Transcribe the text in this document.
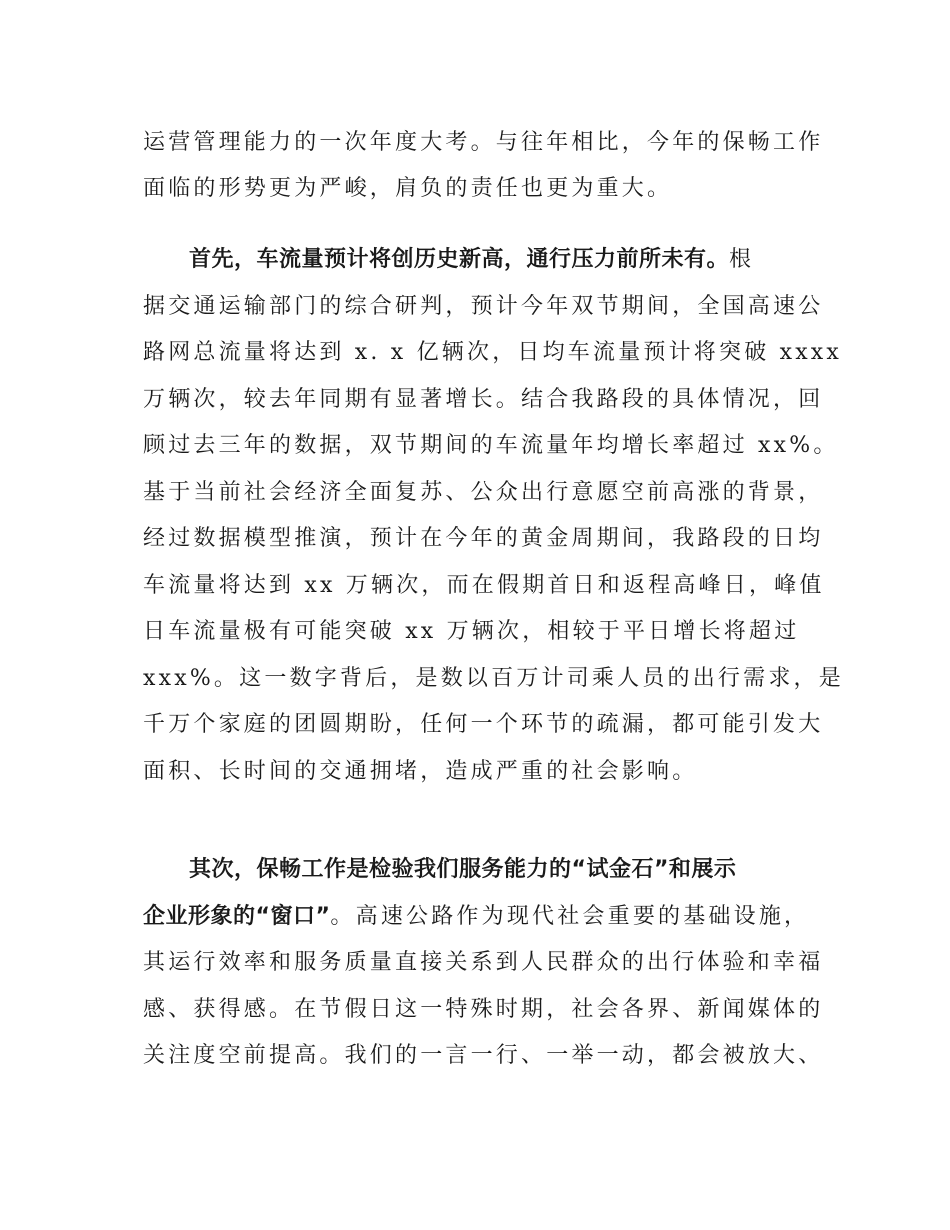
运营管理能力的一次年度大考。与往年相比，今年的保畅工作
面临的形势更为严峻，肩负的责任也更为重大。
首先，车流量预计将创历史新高，通行压力前所未有。根
据交通运输部门的综合研判，预计今年双节期间，全国高速公
路网总流量将达到 x. x 亿辆次，日均车流量预计将突破 xxxx
万辆次，较去年同期有显著增长。结合我路段的具体情况，回
顾过去三年的数据，双节期间的车流量年均增长率超过 xx%。
基于当前社会经济全面复苏、公众出行意愿空前高涨的背景，
经过数据模型推演，预计在今年的黄金周期间，我路段的日均
车流量将达到 xx 万辆次，而在假期首日和返程高峰日，峰值
日车流量极有可能突破 xx 万辆次，相较于平日增长将超过
xxx%。这一数字背后，是数以百万计司乘人员的出行需求，是
千万个家庭的团圆期盼，任何一个环节的疏漏，都可能引发大
面积、长时间的交通拥堵，造成严重的社会影响。
其次，保畅工作是检验我们服务能力的“试金石”和展示
企业形象的“窗口”。高速公路作为现代社会重要的基础设施，
其运行效率和服务质量直接关系到人民群众的出行体验和幸福
感、获得感。在节假日这一特殊时期，社会各界、新闻媒体的
关注度空前提高。我们的一言一行、一举一动，都会被放大、
